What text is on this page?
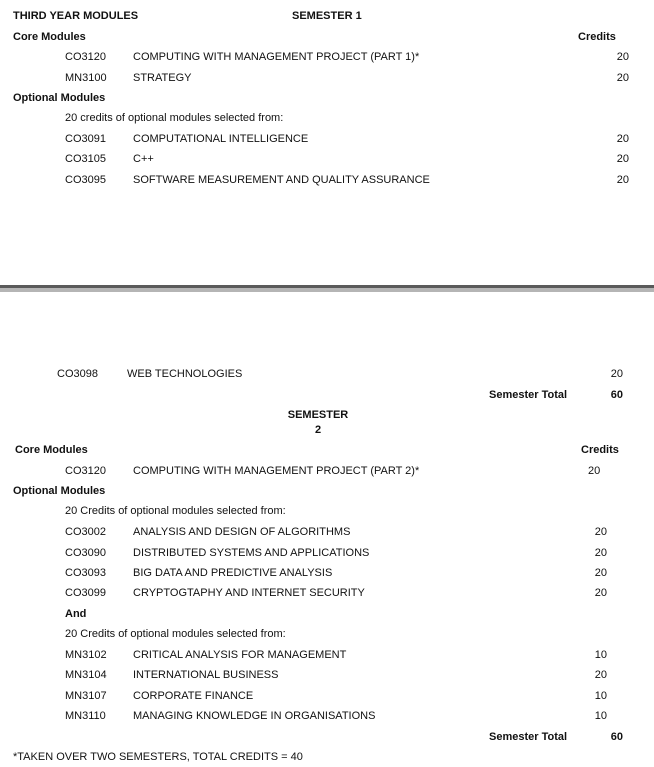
THIRD YEAR MODULES	SEMESTER 1
Core Modules	Credits
CO3120 COMPUTING WITH MANAGEMENT PROJECT (PART 1)*	20
MN3100 STRATEGY	20
Optional Modules
20 credits of optional modules selected from:
CO3091 COMPUTATIONAL INTELLIGENCE	20
CO3105 C++	20
CO3095 SOFTWARE MEASUREMENT AND QUALITY ASSURANCE	20
CO3098	WEB TECHNOLOGIES	20
Semester Total	60
SEMESTER
2
Core Modules	Credits
CO3120 COMPUTING WITH MANAGEMENT PROJECT (PART 2)*	20
Optional Modules
20 Credits of optional modules selected from:
CO3002 ANALYSIS AND DESIGN OF ALGORITHMS	20
CO3090 DISTRIBUTED SYSTEMS AND APPLICATIONS	20
CO3093 BIG DATA AND PREDICTIVE ANALYSIS	20
CO3099 CRYPTOGTAPHY AND INTERNET SECURITY	20
And
20 Credits of optional modules selected from:
MN3102 CRITICAL ANALYSIS FOR MANAGEMENT	10
MN3104 INTERNATIONAL BUSINESS	20
MN3107 CORPORATE FINANCE	10
MN3110 MANAGING KNOWLEDGE IN ORGANISATIONS	10
Semester Total	60
*TAKEN OVER TWO SEMESTERS, TOTAL CREDITS = 40
